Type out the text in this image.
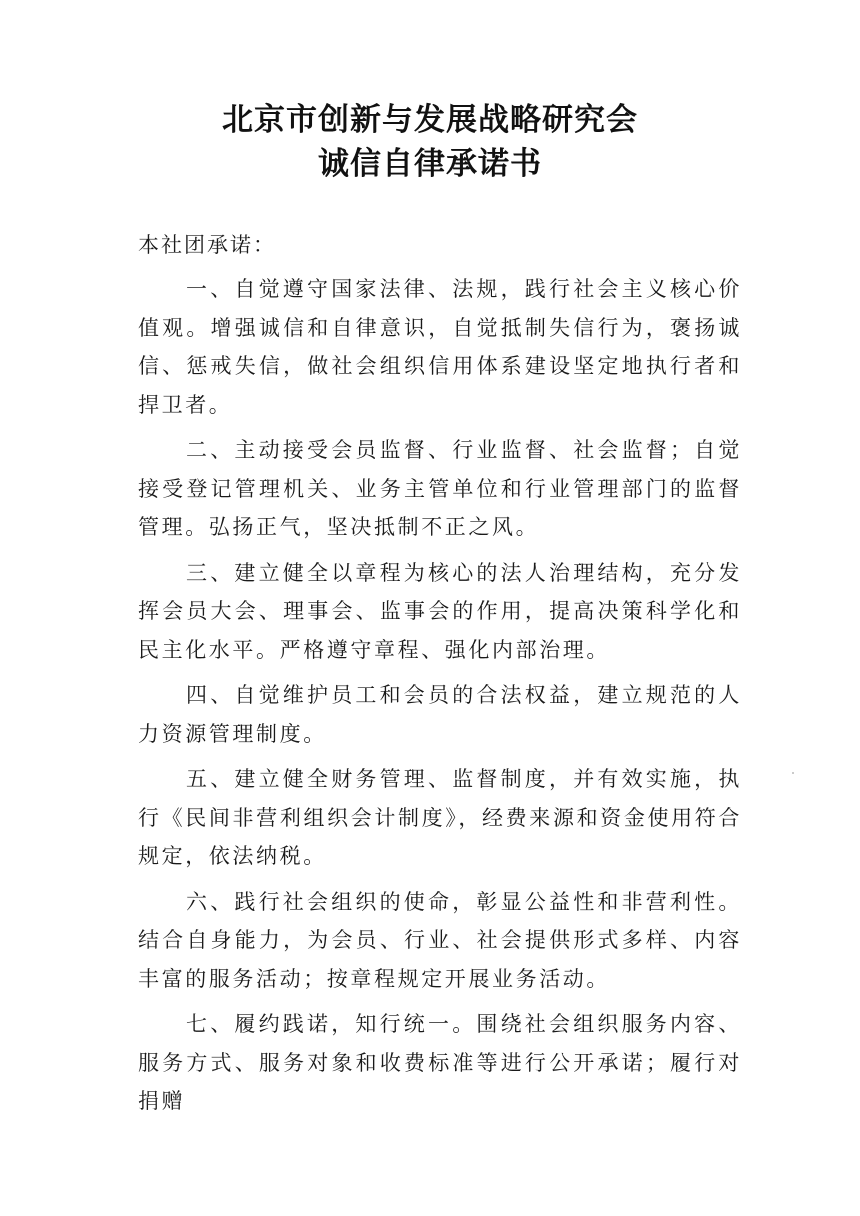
北京市创新与发展战略研究会
诚信自律承诺书

本社团承诺：

一、自觉遵守国家法律、法规，践行社会主义核心价值观。增强诚信和自律意识，自觉抵制失信行为，褒扬诚信、惩戒失信，做社会组织信用体系建设坚定地执行者和捍卫者。

二、主动接受会员监督、行业监督、社会监督；自觉接受登记管理机关、业务主管单位和行业管理部门的监督管理。弘扬正气，坚决抵制不正之风。

三、建立健全以章程为核心的法人治理结构，充分发挥会员大会、理事会、监事会的作用，提高决策科学化和民主化水平。严格遵守章程、强化内部治理。

四、自觉维护员工和会员的合法权益，建立规范的人力资源管理制度。

五、建立健全财务管理、监督制度，并有效实施，执行《民间非营利组织会计制度》，经费来源和资金使用符合规定，依法纳税。

六、践行社会组织的使命，彰显公益性和非营利性。结合自身能力，为会员、行业、社会提供形式多样、内容丰富的服务活动；按章程规定开展业务活动。

七、履约践诺，知行统一。围绕社会组织服务内容、服务方式、服务对象和收费标准等进行公开承诺；履行对捐赠
